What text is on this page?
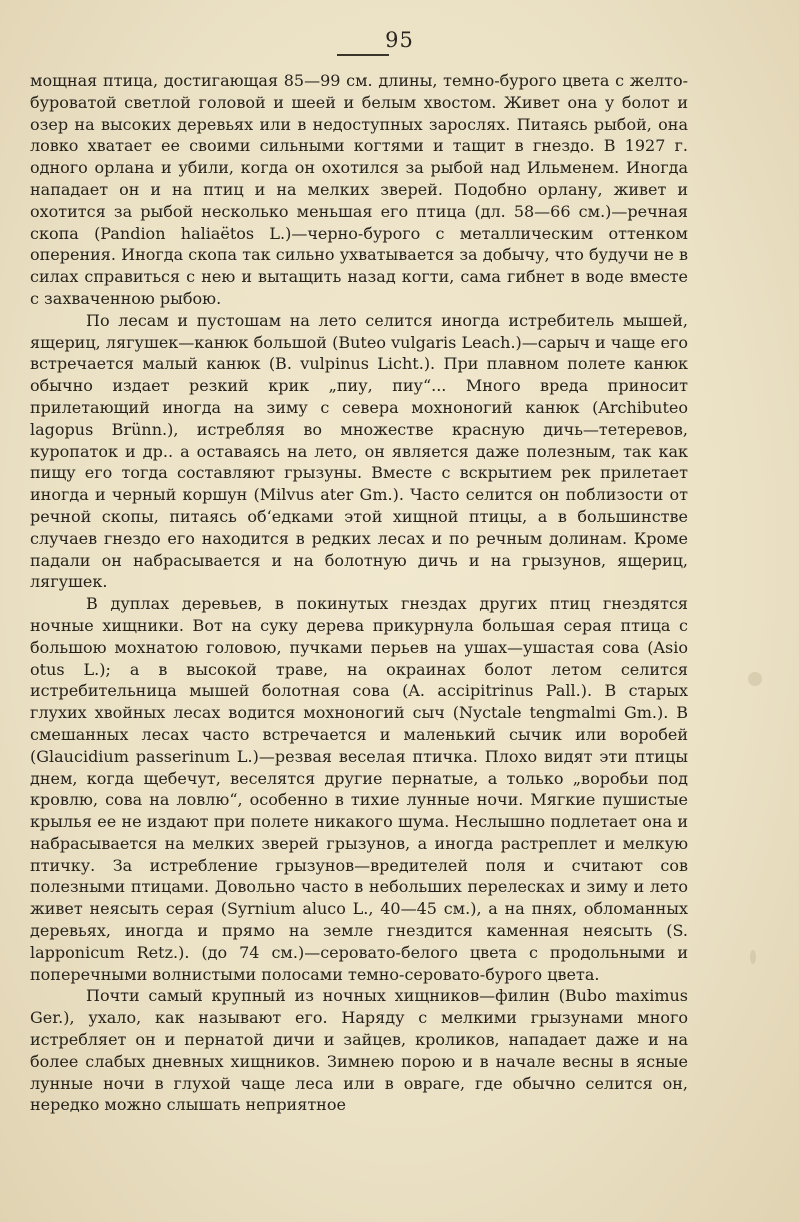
95

мощная птица, достигающая 85—99 см. длины, темно-бурого цвета с желто-буроватой светлой головой и шеей и белым хвостом. Живет она у болот и озер на высоких деревьях или в недоступных зарослях. Питаясь рыбой, она ловко хватает ее своими сильными когтями и тащит в гнездо. В 1927 г. одного орлана и убили, когда он охотился за рыбой над Ильменем. Иногда нападает он и на птиц и на мелких зверей. Подобно орлану, живет и охотится за рыбой несколько меньшая его птица (дл. 58—66 см.)—речная скопа (Pandion haliaëtos L.)—черно-бурого с металлическим оттенком оперения. Иногда скопа так сильно ухватывается за добычу, что будучи не в силах справиться с нею и вытащить назад когти, сама гибнет в воде вместе с захваченною рыбою.

По лесам и пустошам на лето селится иногда истребитель мышей, ящериц, лягушек—канюк большой (Buteo vulgaris Leach.)—сарыч и чаще его встречается малый канюк (B. vulpinus Licht.). При плавном полете канюк обычно издает резкий крик „пиу, пиу“... Много вреда приносит прилетающий иногда на зиму с севера мохноногий канюк (Archibuteo lagopus Brünn.), истребляя во множестве красную дичь—тетеревов, куропаток и др.. а оставаясь на лето, он является даже полезным, так как пищу его тогда составляют грызуны. Вместе с вскрытием рек прилетает иногда и черный коршун (Milvus ater Gm.). Часто селится он поблизости от речной скопы, питаясь об‘едками этой хищной птицы, а в большинстве случаев гнездо его находится в редких лесах и по речным долинам. Кроме падали он набрасывается и на болотную дичь и на грызунов, ящериц, лягушек.

В дуплах деревьев, в покинутых гнездах других птиц гнездятся ночные хищники. Вот на суку дерева прикурнула большая серая птица с большою мохнатою головою, пучками перьев на ушах—ушастая сова (Asio otus L.); а в высокой траве, на окраинах болот летом селится истребительница мышей болотная сова (A. accipitrinus Pall.). В старых глухих хвойных лесах водится мохноногий сыч (Nyctale tengmalmi Gm.). В смешанных лесах часто встречается и маленький сычик или воробей (Glaucidium passerinum L.)—резвая веселая птичка. Плохо видят эти птицы днем, когда щебечут, веселятся другие пернатые, а только „воробьи под кровлю, сова на ловлю“, особенно в тихие лунные ночи. Мягкие пушистые крылья ее не издают при полете никакого шума. Неслышно подлетает она и набрасывается на мелких зверей грызунов, а иногда растреплет и мелкую птичку. За истребление грызунов—вредителей поля и считают сов полезными птицами. Довольно часто в небольших перелесках и зиму и лето живет неясыть серая (Syrnium aluco L., 40—45 см.), а на пнях, обломанных деревьях, иногда и прямо на земле гнездится каменная неясыть (S. lapponicum Retz.). (до 74 см.)—серовато-белого цвета с продольными и поперечными волнистыми полосами темно-серовато-бурого цвета.

Почти самый крупный из ночных хищников—филин (Bubo maximus Ger.), ухало, как называют его. Наряду с мелкими грызунами много истребляет он и пернатой дичи и зайцев, кроликов, нападает даже и на более слабых дневных хищников. Зимнею порою и в начале весны в ясные лунные ночи в глухой чаще леса или в овраге, где обычно селится он, нередко можно слышать неприятное
